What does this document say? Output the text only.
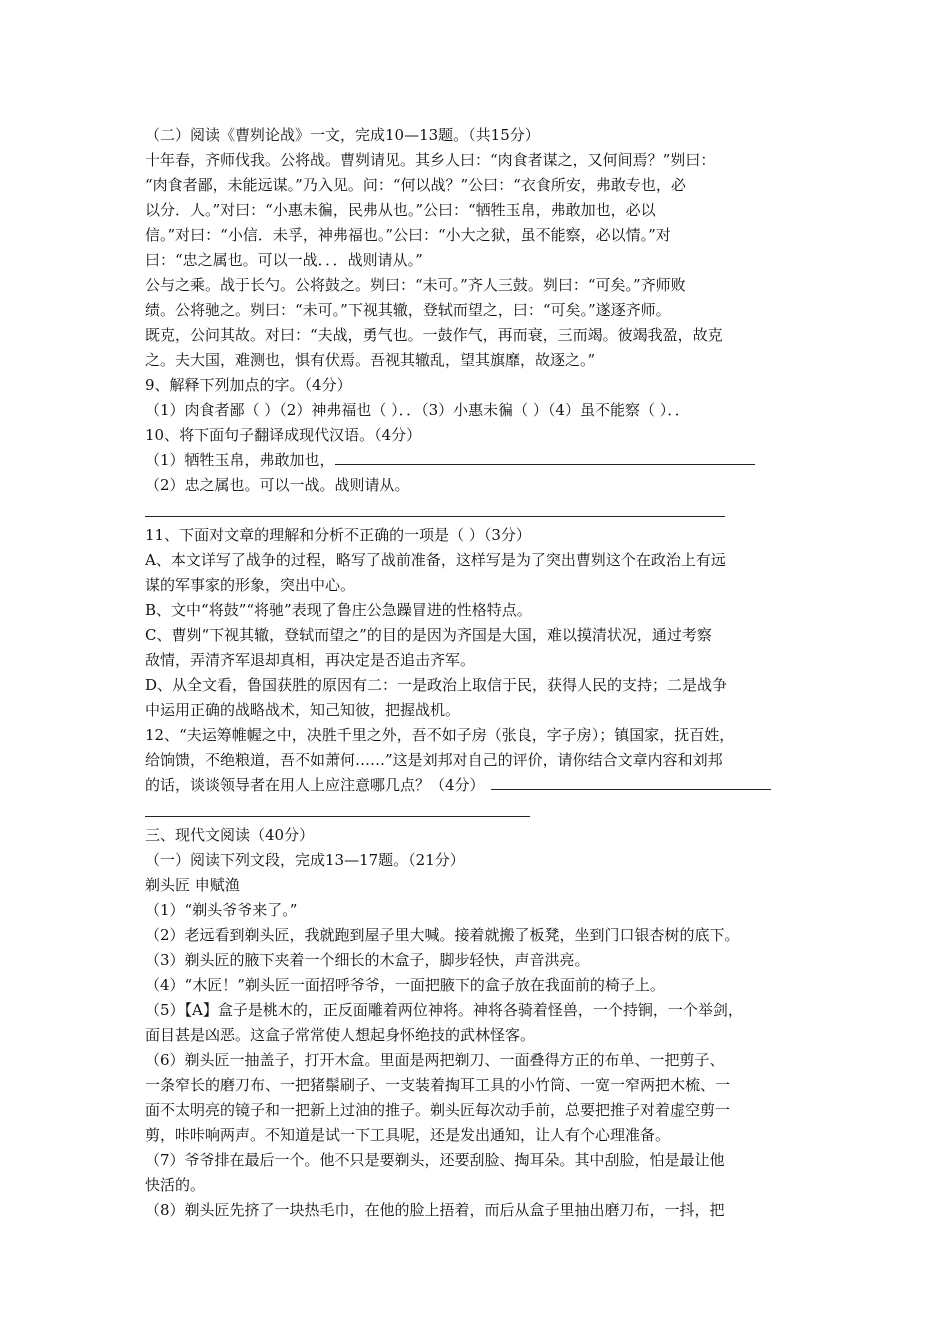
（二）阅读《曹刿论战》一文，完成10—13题。（共15分）
十年春，齐师伐我。公将战。曹刿请见。其乡人曰：“肉食者谋之，又何间焉？”刿曰：
“肉食者鄙，未能远谋。”乃入见。问：“何以战？”公曰：“衣食所安，弗敢专也，必
以分．人。”对曰：“小惠未徧，民弗从也。”公曰：“牺牲玉帛，弗敢加也，必以
信。”对曰：“小信．未孚，神弗福也。”公曰：“小大之狱，虽不能察，必以情。”对
曰：“忠之属也。可以一战．．．战则请从。”
公与之乘。战于长勺。公将鼓之。刿曰：“未可。”齐人三鼓。刿曰：“可矣。”齐师败
绩。公将驰之。刿曰：“未可。”下视其辙，登轼而望之，曰：“可矣。”遂逐齐师。
既克，公问其故。对曰：“夫战，勇气也。一鼓作气，再而衰，三而竭。彼竭我盈，故克
之。夫大国，难测也，惧有伏焉。吾视其辙乱，望其旗靡，故逐之。”
9、解释下列加点的字。（4分）
（1）肉食者鄙（ ）（2）神弗福也（ ）．．（3）小惠未徧（ ）（4）虽不能察（ ）．．
10、将下面句子翻译成现代汉语。（4分）
（1）牺牲玉帛，弗敢加也，
（2）忠之属也。可以一战。战则请从。
11、下面对文章的理解和分析不正确的一项是（ ）（3分）
A、本文详写了战争的过程，略写了战前准备，这样写是为了突出曹刿这个在政治上有远
谋的军事家的形象，突出中心。
B、文中“将鼓”“将驰”表现了鲁庄公急躁冒进的性格特点。
C、曹刿“下视其辙，登轼而望之”的目的是因为齐国是大国，难以摸清状况，通过考察
敌情，弄清齐军退却真相，再决定是否追击齐军。
D、从全文看，鲁国获胜的原因有二：一是政治上取信于民，获得人民的支持；二是战争
中运用正确的战略战术，知己知彼，把握战机。
12、“夫运筹帷幄之中，决胜千里之外，吾不如子房（张良，字子房）；镇国家，抚百姓，
给饷馈，不绝粮道，吾不如萧何……”这是刘邦对自己的评价，请你结合文章内容和刘邦
的话，谈谈领导者在用人上应注意哪几点？（4分）
三、现代文阅读（40分）
（一）阅读下列文段，完成13—17题。（21分）
剃头匠 申赋渔
（1）“剃头爷爷来了。”
（2）老远看到剃头匠，我就跑到屋子里大喊。接着就搬了板凳，坐到门口银杏树的底下。
（3）剃头匠的腋下夹着一个细长的木盒子，脚步轻快，声音洪亮。
（4）“木匠！”剃头匠一面招呼爷爷，一面把腋下的盒子放在我面前的椅子上。
（5）【A】盒子是桃木的，正反面雕着两位神将。神将各骑着怪兽，一个持锏，一个举剑，
面目甚是凶恶。这盒子常常使人想起身怀绝技的武林怪客。
（6）剃头匠一抽盖子，打开木盒。里面是两把剃刀、一面叠得方正的布单、一把剪子、
一条窄长的磨刀布、一把猪鬃刷子、一支装着掏耳工具的小竹筒、一宽一窄两把木梳、一
面不太明亮的镜子和一把新上过油的推子。剃头匠每次动手前，总要把推子对着虚空剪一
剪，咔咔响两声。不知道是试一下工具呢，还是发出通知，让人有个心理准备。
（7）爷爷排在最后一个。他不只是要剃头，还要刮脸、掏耳朵。其中刮脸，怕是最让他
快活的。
（8）剃头匠先挤了一块热毛巾，在他的脸上捂着，而后从盒子里抽出磨刀布，一抖，把
